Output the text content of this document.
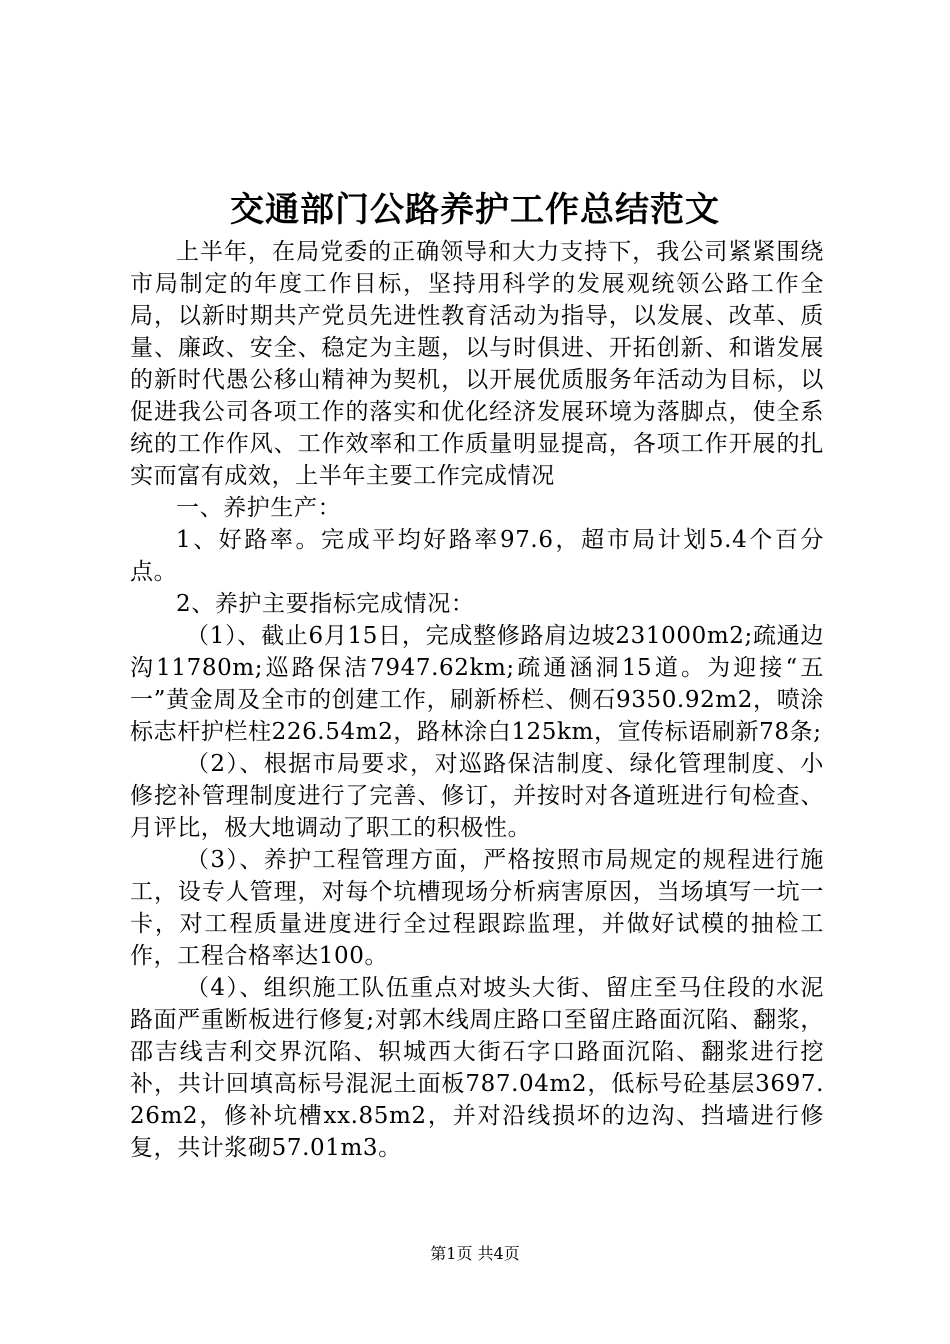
交通部门公路养护工作总结范文

上半年，在局党委的正确领导和大力支持下，我公司紧紧围绕市局制定的年度工作目标，坚持用科学的发展观统领公路工作全局，以新时期共产党员先进性教育活动为指导，以发展、改革、质量、廉政、安全、稳定为主题，以与时俱进、开拓创新、和谐发展的新时代愚公移山精神为契机，以开展优质服务年活动为目标，以促进我公司各项工作的落实和优化经济发展环境为落脚点，使全系统的工作作风、工作效率和工作质量明显提高，各项工作开展的扎实而富有成效，上半年主要工作完成情况

一、养护生产：

1、好路率。完成平均好路率97.6，超市局计划5.4个百分点。

2、养护主要指标完成情况：

（1）、截止6月15日，完成整修路肩边坡231000m2;疏通边沟11780m;巡路保洁7947.62km;疏通涵洞15道。为迎接“五一”黄金周及全市的创建工作，刷新桥栏、侧石9350.92m2，喷涂标志杆护栏柱226.54m2，路林涂白125km，宣传标语刷新78条;

（2）、根据市局要求，对巡路保洁制度、绿化管理制度、小修挖补管理制度进行了完善、修订，并按时对各道班进行旬检查、月评比，极大地调动了职工的积极性。

（3）、养护工程管理方面，严格按照市局规定的规程进行施工，设专人管理，对每个坑槽现场分析病害原因，当场填写一坑一卡，对工程质量进度进行全过程跟踪监理，并做好试模的抽检工作，工程合格率达100。

（4）、组织施工队伍重点对坡头大街、留庄至马住段的水泥路面严重断板进行修复;对郭木线周庄路口至留庄路面沉陷、翻浆，邵吉线吉利交界沉陷、轵城西大街石字口路面沉陷、翻浆进行挖补，共计回填高标号混泥土面板787.04m2，低标号砼基层3697.26m2，修补坑槽xx.85m2，并对沿线损坏的边沟、挡墙进行修复，共计浆砌57.01m3。

第1页 共4页
